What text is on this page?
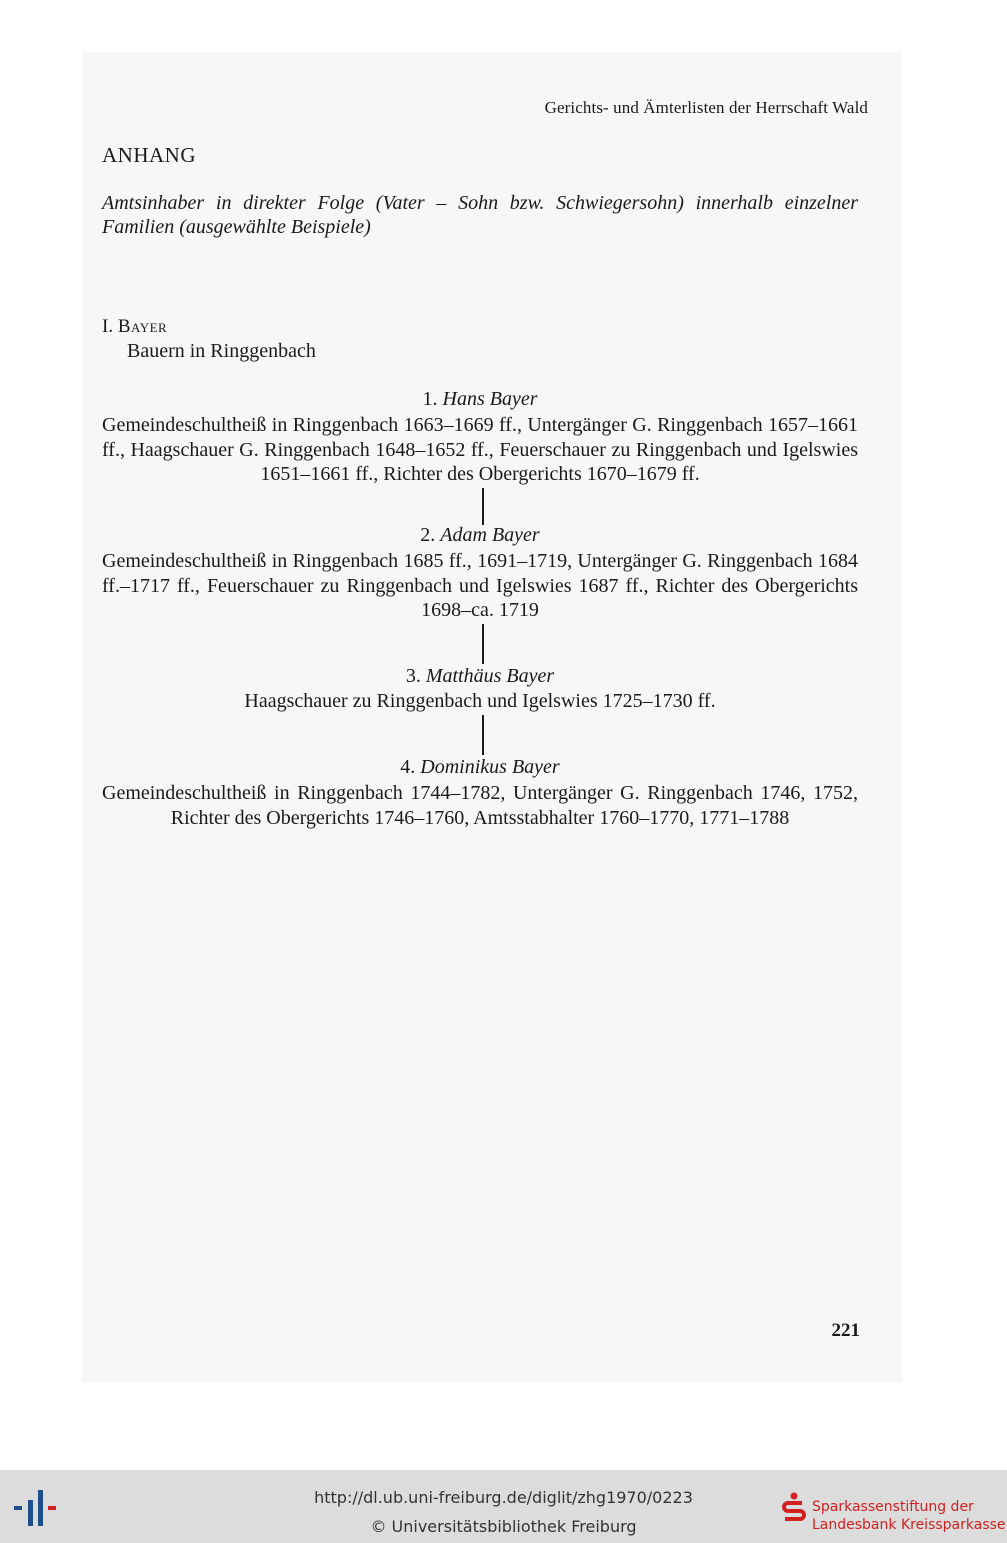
Gerichts- und Ämterlisten der Herrschaft Wald
ANHANG
Amtsinhaber in direkter Folge (Vater – Sohn bzw. Schwiegersohn) innerhalb einzelner Familien (ausgewählte Beispiele)
I. Bayer
Bauern in Ringgenbach
1. Hans Bayer
Gemeindeschultheiß in Ringgenbach 1663–1669 ff., Untergänger G. Ringgenbach 1657–1661 ff., Haagschauer G. Ringgenbach 1648–1652 ff., Feuerschauer zu Ringgenbach und Igelswies 1651–1661 ff., Richter des Obergerichts 1670–1679 ff.
2. Adam Bayer
Gemeindeschultheiß in Ringgenbach 1685 ff., 1691–1719, Untergänger G. Ringgenbach 1684 ff.–1717 ff., Feuerschauer zu Ringgenbach und Igelswies 1687 ff., Richter des Obergerichts 1698–ca. 1719
3. Matthäus Bayer
Haagschauer zu Ringgenbach und Igelswies 1725–1730 ff.
4. Dominikus Bayer
Gemeindeschultheiß in Ringgenbach 1744–1782, Untergänger G. Ringgenbach 1746, 1752, Richter des Obergerichts 1746–1760, Amtsstabhalter 1760–1770, 1771–1788
221
http://dl.ub.uni-freiburg.de/diglit/zhg1970/0223
© Universitätsbibliothek Freiburg
Sparkassenstiftung der
Landesbank Kreissparkasse
